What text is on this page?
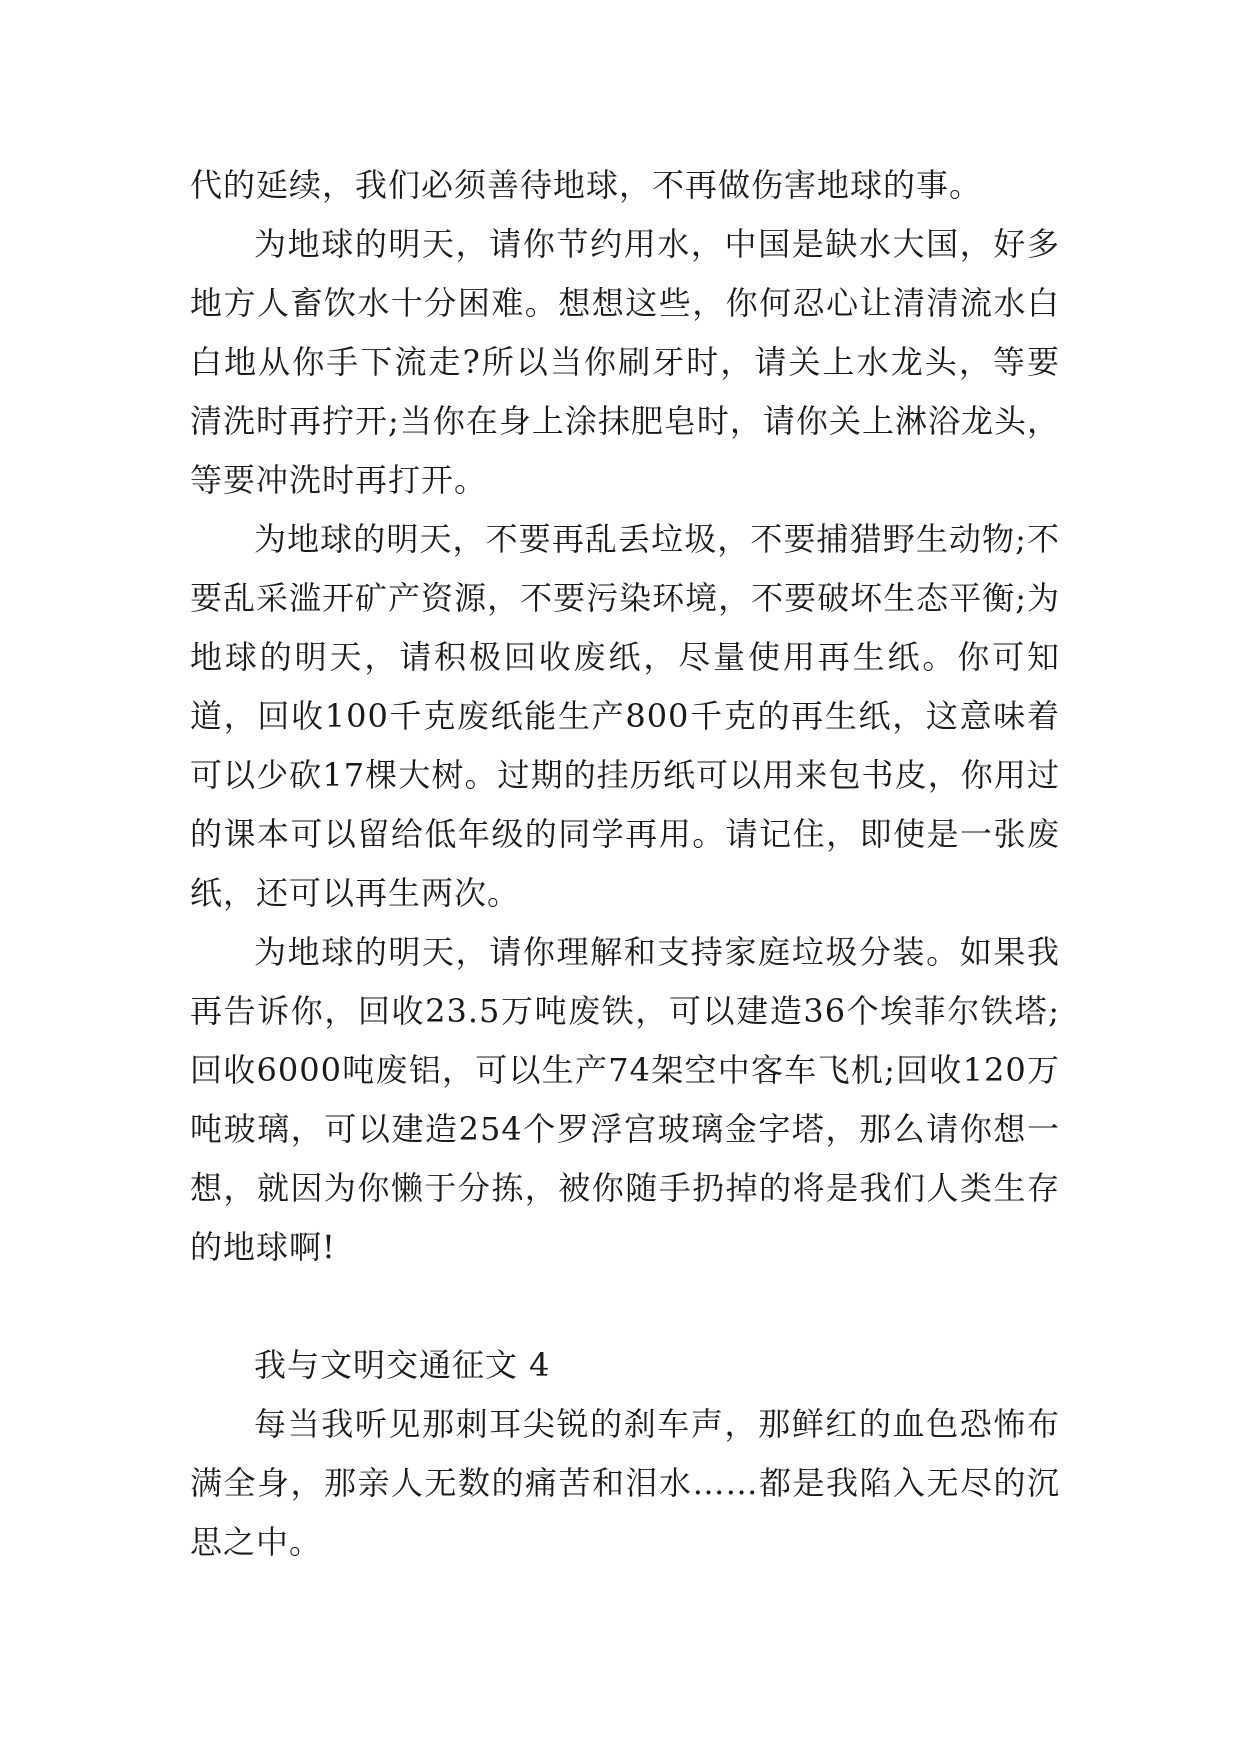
代的延续，我们必须善待地球，不再做伤害地球的事。

为地球的明天，请你节约用水，中国是缺水大国，好多地方人畜饮水十分困难。想想这些，你何忍心让清清流水白白地从你手下流走?所以当你刷牙时，请关上水龙头，等要清洗时再拧开;当你在身上涂抹肥皂时，请你关上淋浴龙头，等要冲洗时再打开。

为地球的明天，不要再乱丢垃圾，不要捕猎野生动物;不要乱采滥开矿产资源，不要污染环境，不要破坏生态平衡;为地球的明天，请积极回收废纸，尽量使用再生纸。你可知道，回收100千克废纸能生产800千克的再生纸，这意味着可以少砍17棵大树。过期的挂历纸可以用来包书皮，你用过的课本可以留给低年级的同学再用。请记住，即使是一张废纸，还可以再生两次。

为地球的明天，请你理解和支持家庭垃圾分装。如果我再告诉你，回收23.5万吨废铁，可以建造36个埃菲尔铁塔;回收6000吨废铝，可以生产74架空中客车飞机;回收120万吨玻璃，可以建造254个罗浮宫玻璃金字塔，那么请你想一想，就因为你懒于分拣，被你随手扔掉的将是我们人类生存的地球啊!

我与文明交通征文 4

每当我听见那刺耳尖锐的刹车声，那鲜红的血色恐怖布满全身，那亲人无数的痛苦和泪水……都是我陷入无尽的沉思之中。
